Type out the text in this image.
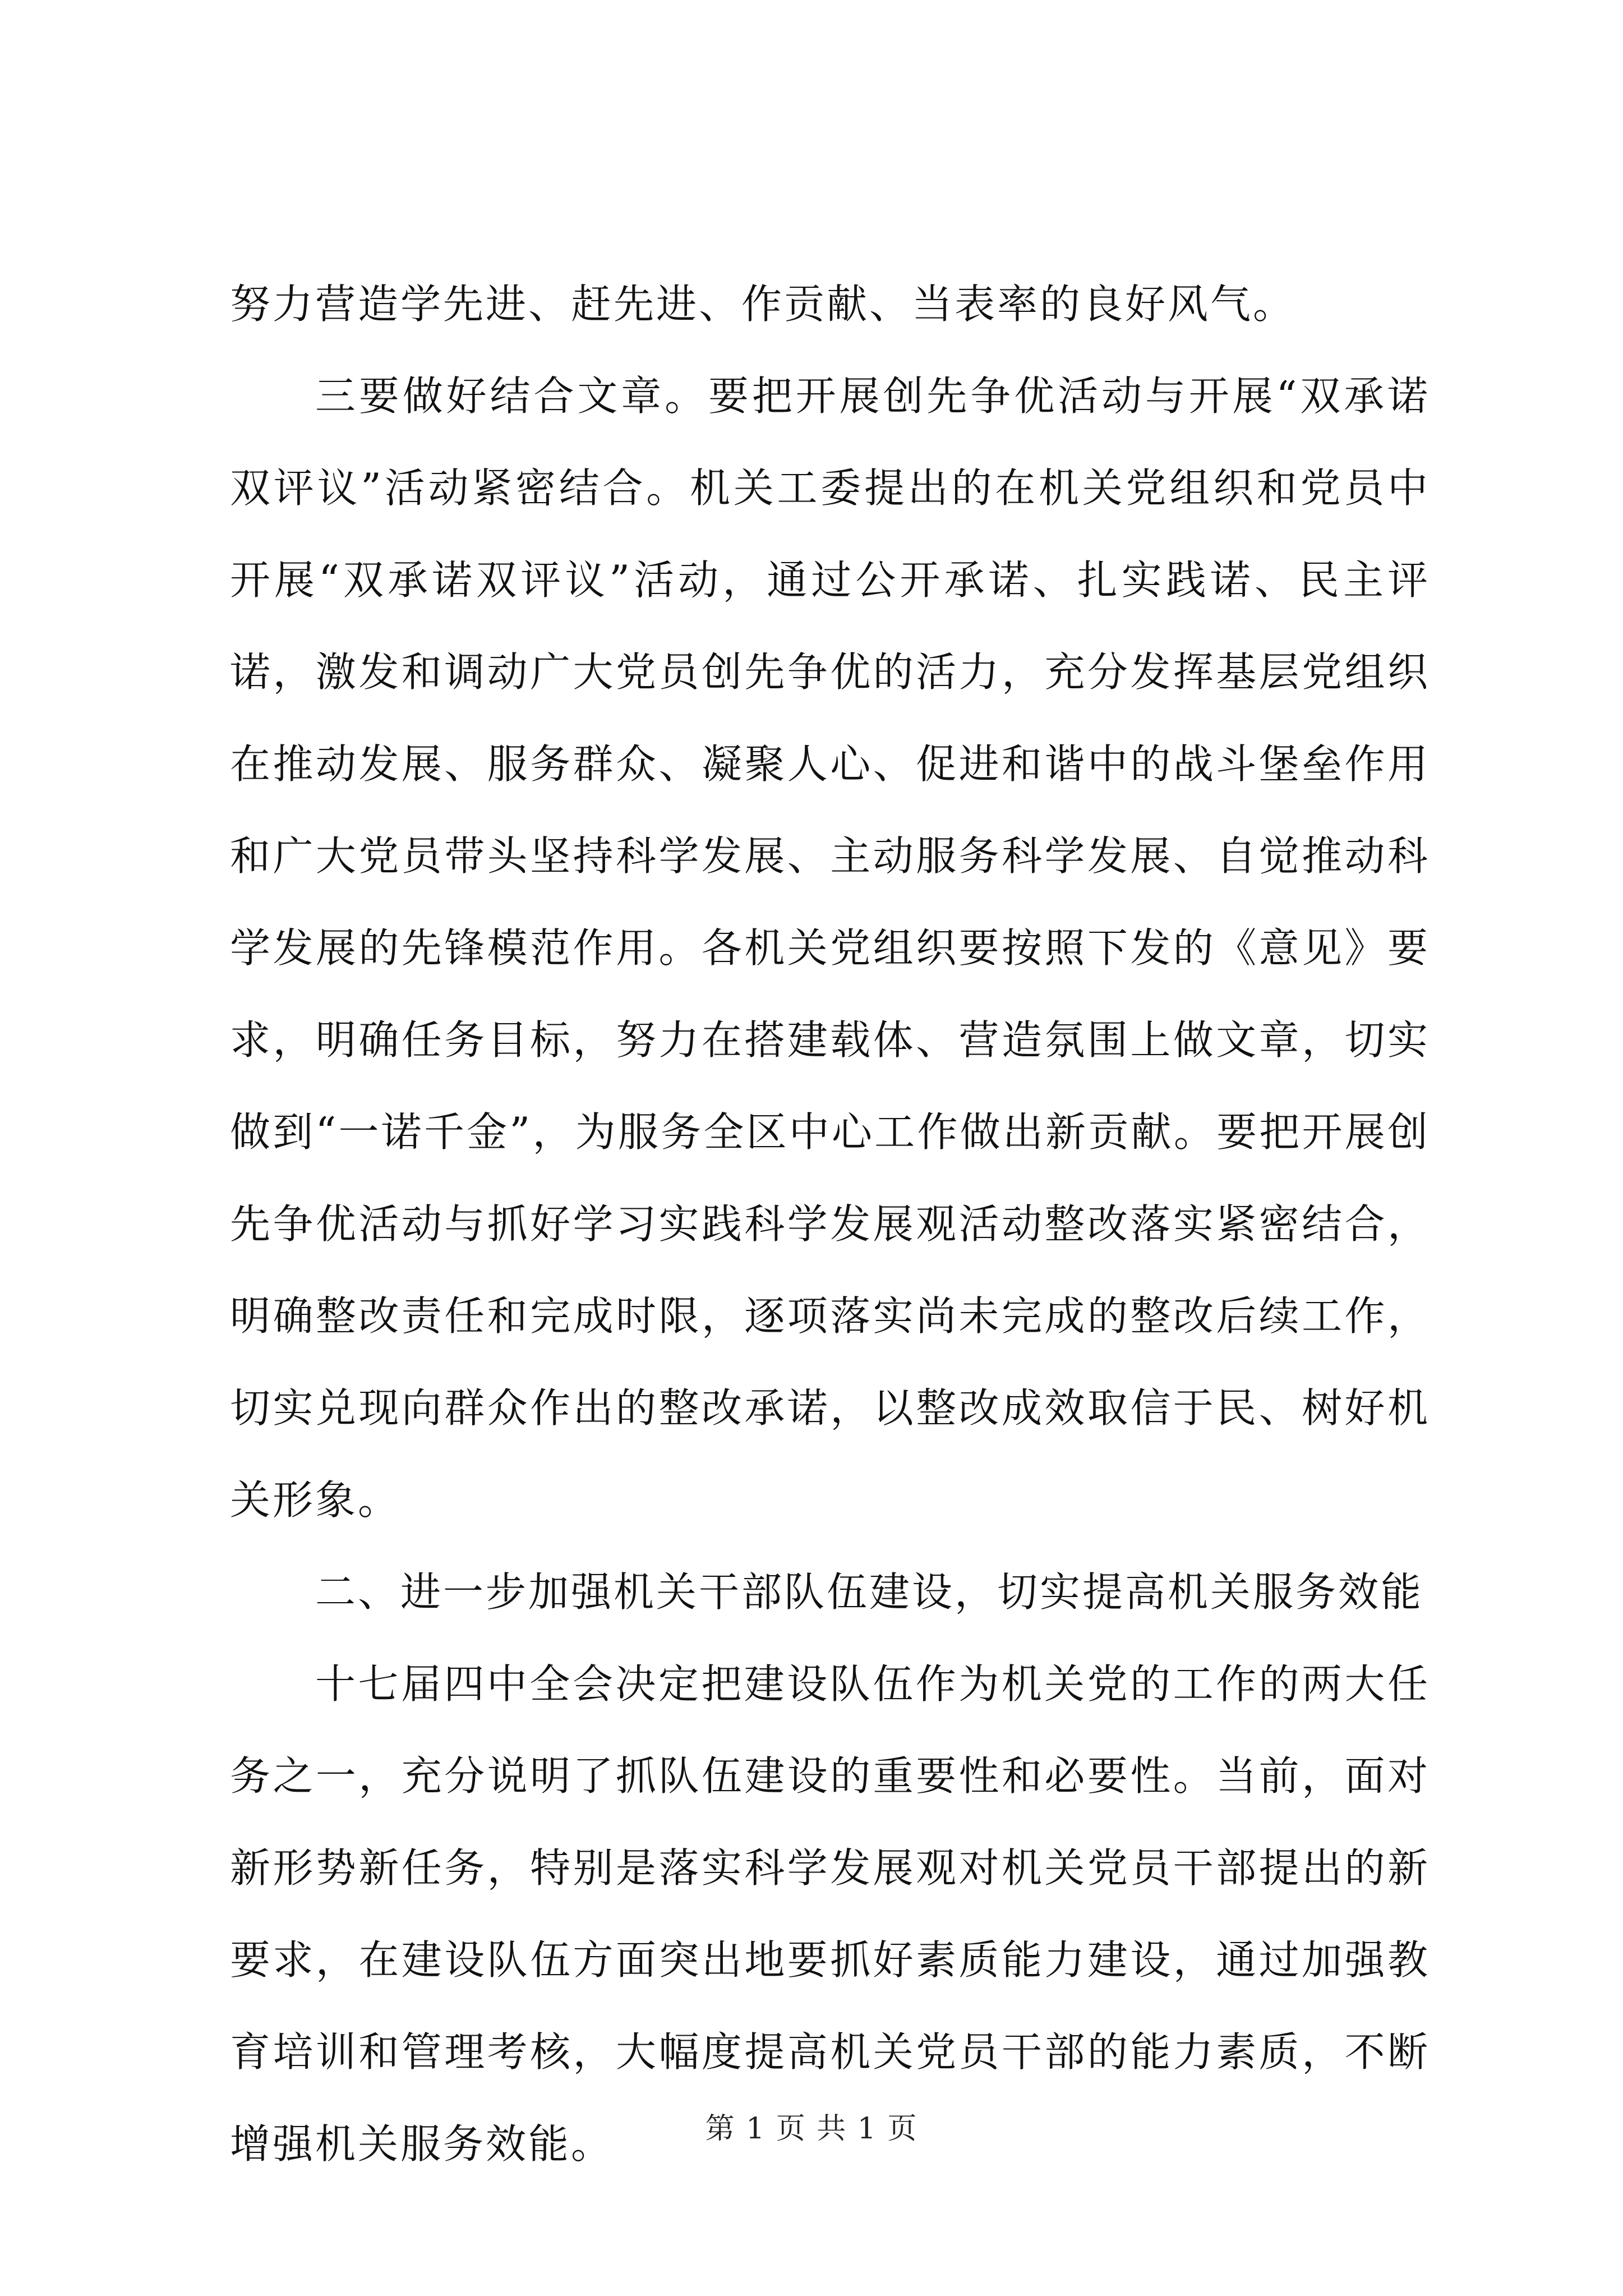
努力营造学先进、赶先进、作贡献、当表率的良好风气。

三要做好结合文章。要把开展创先争优活动与开展“双承诺双评议”活动紧密结合。机关工委提出的在机关党组织和党员中开展“双承诺双评议”活动，通过公开承诺、扎实践诺、民主评诺，激发和调动广大党员创先争优的活力，充分发挥基层党组织在推动发展、服务群众、凝聚人心、促进和谐中的战斗堡垒作用和广大党员带头坚持科学发展、主动服务科学发展、自觉推动科学发展的先锋模范作用。各机关党组织要按照下发的《意见》要求，明确任务目标，努力在搭建载体、营造氛围上做文章，切实做到“一诺千金”，为服务全区中心工作做出新贡献。要把开展创先争优活动与抓好学习实践科学发展观活动整改落实紧密结合，明确整改责任和完成时限，逐项落实尚未完成的整改后续工作，切实兑现向群众作出的整改承诺，以整改成效取信于民、树好机关形象。

二、进一步加强机关干部队伍建设，切实提高机关服务效能

十七届四中全会决定把建设队伍作为机关党的工作的两大任务之一，充分说明了抓队伍建设的重要性和必要性。当前，面对新形势新任务，特别是落实科学发展观对机关党员干部提出的新要求，在建设队伍方面突出地要抓好素质能力建设，通过加强教育培训和管理考核，大幅度提高机关党员干部的能力素质，不断增强机关服务效能。	第 1 页 共 1 页
